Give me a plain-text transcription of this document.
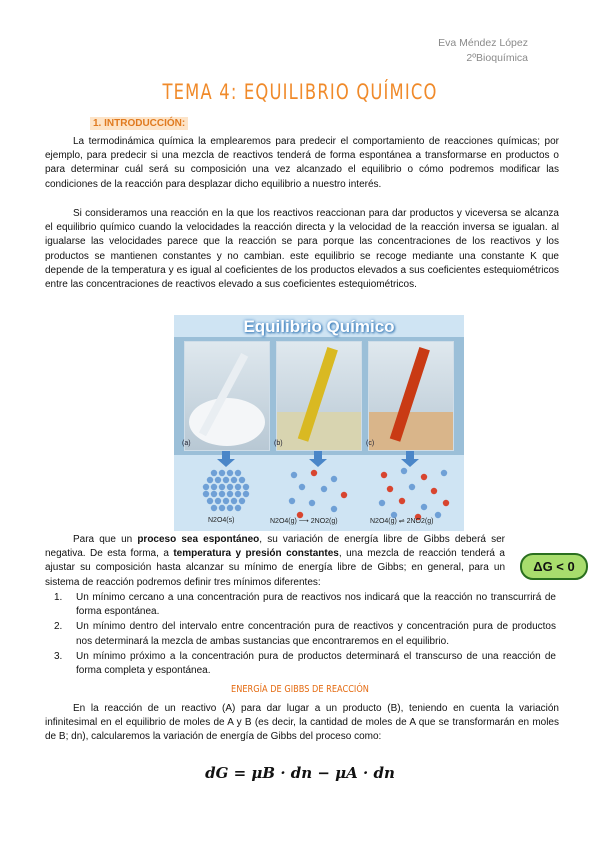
Eva Méndez López
2ºBioquímica
TEMA 4: EQUILIBRIO QUÍMICO
1. INTRODUCCIÓN:

La termodinámica química la emplearemos para predecir el comportamiento de reacciones químicas; por ejemplo, para predecir si una mezcla de reactivos tenderá de forma espontánea a transformarse en productos o para determinar cuál será su composición una vez alcanzado el equilibrio o cómo podremos modificar las condiciones de la reacción para desplazar dicho equilibrio a nuestro interés.

Si consideramos una reacción en la que los reactivos reaccionan para dar productos y viceversa se alcanza el equilibrio químico cuando la velocidades la reacción directa y la velocidad de la reacción inversa se igualan. al igualarse las velocidades parece que la reacción se para porque las concentraciones de los reactivos y los productos se mantienen constantes y no cambian. este equilibrio se recoge mediante una constante K que depende de la temperatura y es igual al coeficientes de los productos elevados a sus coeficientes estequiométricos entre las concentraciones de reactivos elevado a sus coeficientes estequiométricos.

Equilibrio Químico
(a)	(b)	(c)
N2O4(s)	N2O4(g) ⟶ 2NO2(g)	N2O4(g) ⇌ 2NO2(g)

Para que un proceso sea espontáneo, su variación de energía libre de Gibbs deberá ser negativa. De esta forma, a temperatura y presión constantes, una mezcla de reacción tenderá a ajustar su composición hasta alcanzar su mínimo de energía libre de Gibbs; en general, para un sistema de reacción podremos definir tres mínimos diferentes:

ΔG < 0
1. Un mínimo cercano a una concentración pura de reactivos nos indicará que la reacción no transcurrirá de forma espontánea.
2. Un mínimo dentro del intervalo entre concentración pura de reactivos y concentración pura de productos nos determinará la mezcla de ambas sustancias que encontraremos en el equilibrio.
3. Un mínimo próximo a la concentración pura de productos determinará el transcurso de una reacción de forma completa y espontánea.
ENERGÍA DE GIBBS DE REACCIÓN

En la reacción de un reactivo (A) para dar lugar a un producto (B), teniendo en cuenta la variación infinitesimal en el equilibrio de moles de A y B (es decir, la cantidad de moles de A que se transformarán en moles de B; dn), calcularemos la variación de energía de Gibbs del proceso como:

dG = μB · dn − μA · dn
